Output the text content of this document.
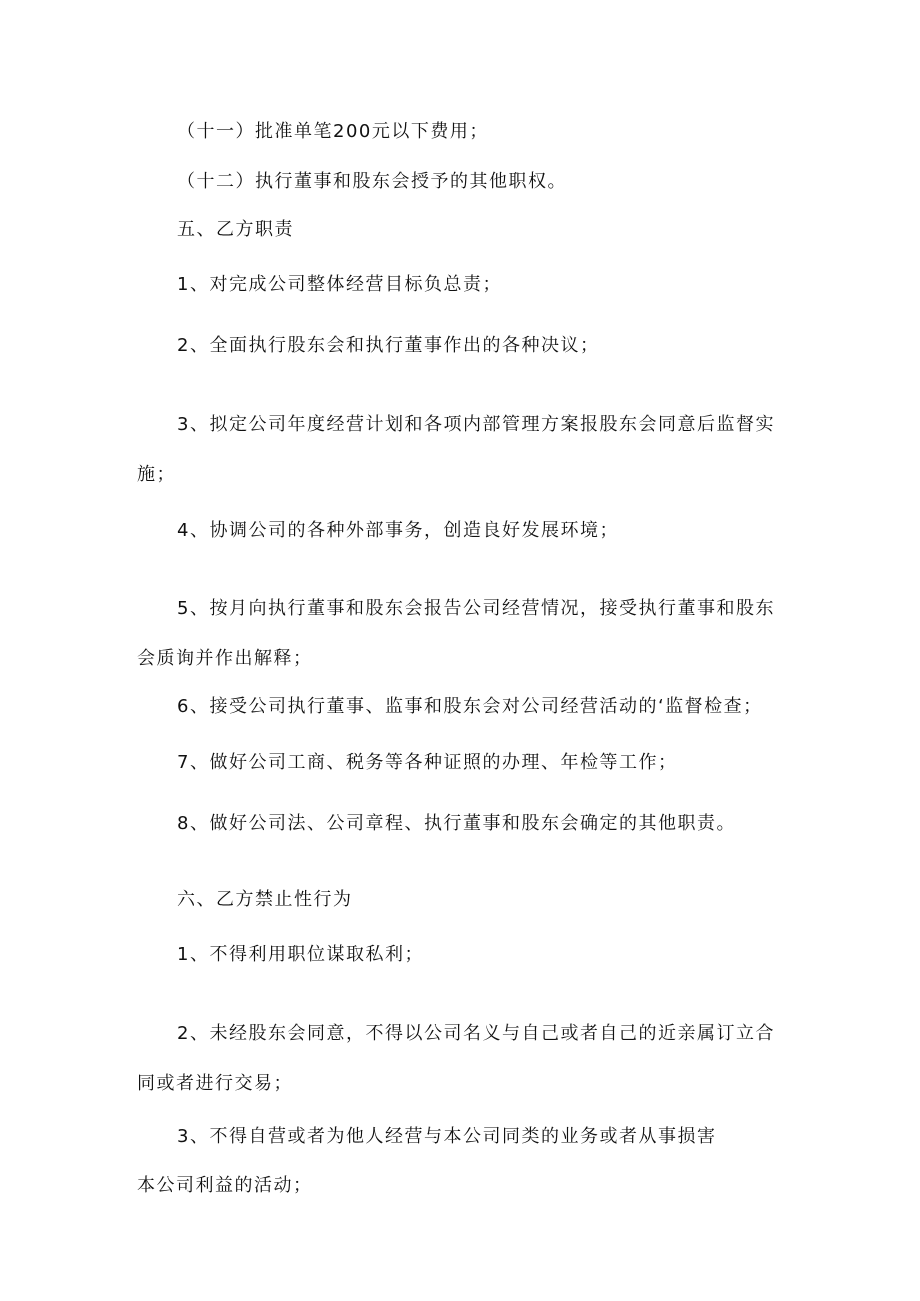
（十一）批准单笔200元以下费用；
（十二）执行董事和股东会授予的其他职权。
五、乙方职责
1、对完成公司整体经营目标负总责；
2、全面执行股东会和执行董事作出的各种决议；
3、拟定公司年度经营计划和各项内部管理方案报股东会同意后监督实
施；
4、协调公司的各种外部事务，创造良好发展环境；
5、按月向执行董事和股东会报告公司经营情况，接受执行董事和股东
会质询并作出解释；
6、接受公司执行董事、监事和股东会对公司经营活动的‘监督检查；
7、做好公司工商、税务等各种证照的办理、年检等工作；
8、做好公司法、公司章程、执行董事和股东会确定的其他职责。
六、乙方禁止性行为
1、不得利用职位谋取私利；
2、未经股东会同意，不得以公司名义与自己或者自己的近亲属订立合
同或者进行交易；
3、不得自营或者为他人经营与本公司同类的业务或者从事损害
本公司利益的活动；
